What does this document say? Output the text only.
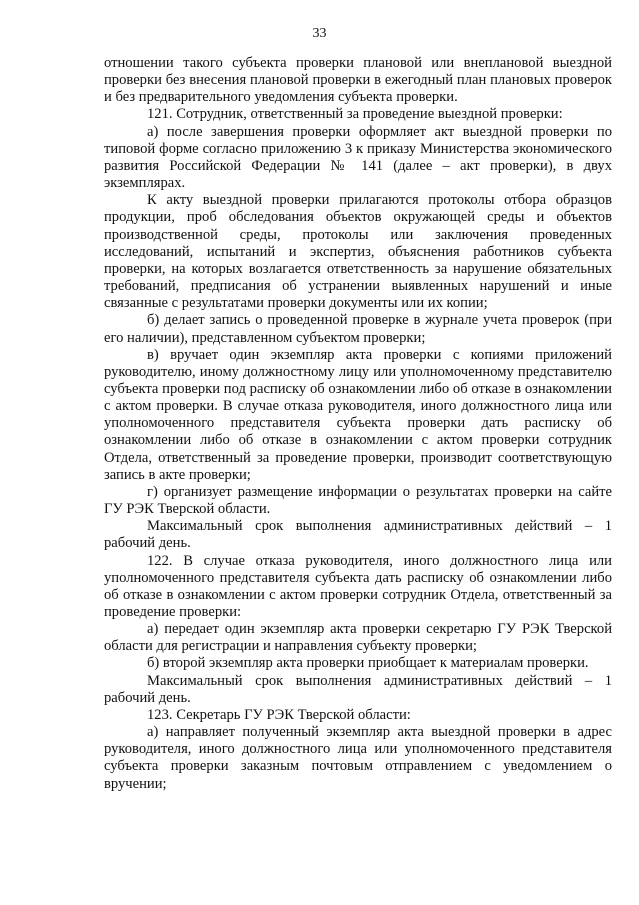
33

отношении такого субъекта проверки плановой или внеплановой выездной проверки без внесения плановой проверки в ежегодный план плановых проверок и без предварительного уведомления субъекта проверки.

121. Сотрудник, ответственный за проведение выездной проверки:

а) после завершения проверки оформляет акт выездной проверки по типовой форме согласно приложению 3 к приказу Министерства экономического развития Российской Федерации № 141 (далее – акт проверки), в двух экземплярах.

К акту выездной проверки прилагаются протоколы отбора образцов продукции, проб обследования объектов окружающей среды и объектов производственной среды, протоколы или заключения проведенных исследований, испытаний и экспертиз, объяснения работников субъекта проверки, на которых возлагается ответственность за нарушение обязательных требований, предписания об устранении выявленных нарушений и иные связанные с результатами проверки документы или их копии;

б) делает запись о проведенной проверке в журнале учета проверок (при его наличии), представленном субъектом проверки;

в) вручает один экземпляр акта проверки с копиями приложений руководителю, иному должностному лицу или уполномоченному представителю субъекта проверки под расписку об ознакомлении либо об отказе в ознакомлении с актом проверки. В случае отказа руководителя, иного должностного лица или уполномоченного представителя субъекта проверки дать расписку об ознакомлении либо об отказе в ознакомлении с актом проверки сотрудник Отдела, ответственный за проведение проверки, производит соответствующую запись в акте проверки;

г) организует размещение информации о результатах проверки на сайте ГУ РЭК Тверской области.

Максимальный срок выполнения административных действий – 1 рабочий день.

122. В случае отказа руководителя, иного должностного лица или уполномоченного представителя субъекта дать расписку об ознакомлении либо об отказе в ознакомлении с актом проверки сотрудник Отдела, ответственный за проведение проверки:

а) передает один экземпляр акта проверки секретарю ГУ РЭК Тверской области для регистрации и направления субъекту проверки;

б) второй экземпляр акта проверки приобщает к материалам проверки.

Максимальный срок выполнения административных действий – 1 рабочий день.

123. Секретарь ГУ РЭК Тверской области:

а) направляет полученный экземпляр акта выездной проверки в адрес руководителя, иного должностного лица или уполномоченного представителя субъекта проверки заказным почтовым отправлением с уведомлением о вручении;
